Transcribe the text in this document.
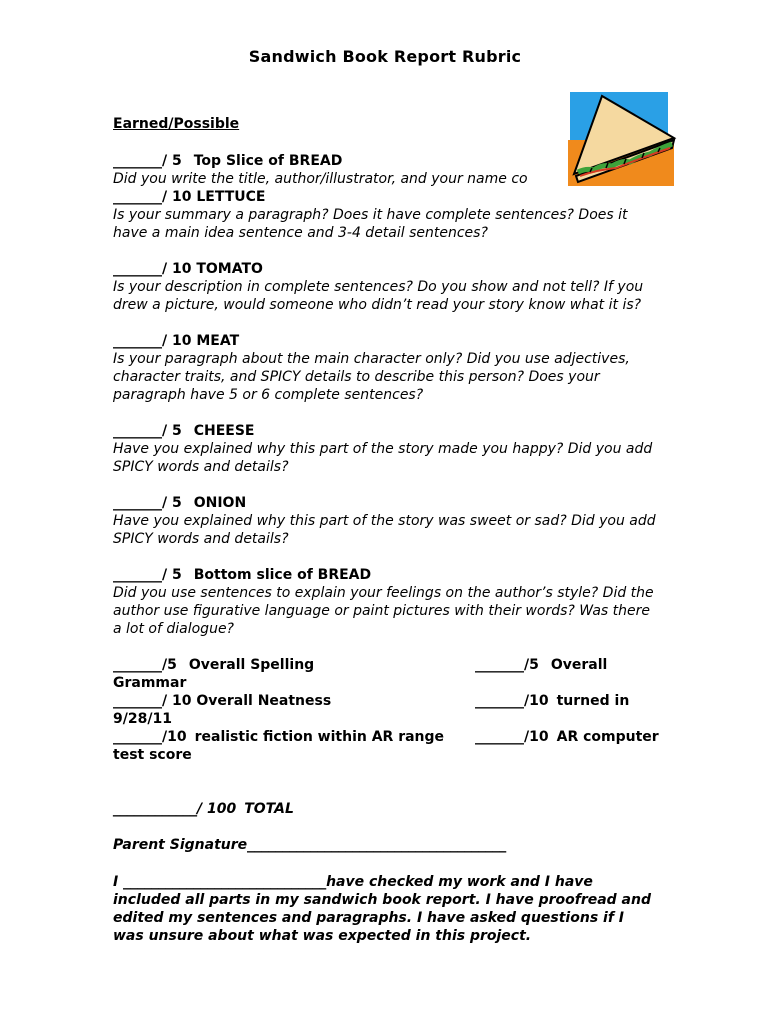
Sandwich Book Report Rubric
Earned/Possible
_______/ 5 Top Slice of BREAD
Did you write the title, author/illustrator, and your name co
_______/ 10 LETTUCE
Is your summary a paragraph? Does it have complete sentences? Does it
have a main idea sentence and 3-4 detail sentences?
_______/ 10 TOMATO
Is your description in complete sentences? Do you show and not tell? If you
drew a picture, would someone who didn’t read your story know what it is?
_______/ 10 MEAT
Is your paragraph about the main character only? Did you use adjectives,
character traits, and SPICY details to describe this person? Does your
paragraph have 5 or 6 complete sentences?
_______/ 5 CHEESE
Have you explained why this part of the story made you happy? Did you add
SPICY words and details?
_______/ 5 ONION
Have you explained why this part of the story was sweet or sad? Did you add
SPICY words and details?
_______/ 5 Bottom slice of BREAD
Did you use sentences to explain your feelings on the author’s style? Did the
author use figurative language or paint pictures with their words? Was there
a lot of dialogue?
_______/5 Overall Spelling	_______/5 Overall
Grammar
_______/ 10 Overall Neatness	_______/10 turned in
9/28/11
_______/10 realistic fiction within AR range _______/10 AR computer
test score
____________/ 100 TOTAL
Parent Signature_____________________________________
I _____________________________have checked my work and I have
included all parts in my sandwich book report. I have proofread and
edited my sentences and paragraphs. I have asked questions if I
was unsure about what was expected in this project.
